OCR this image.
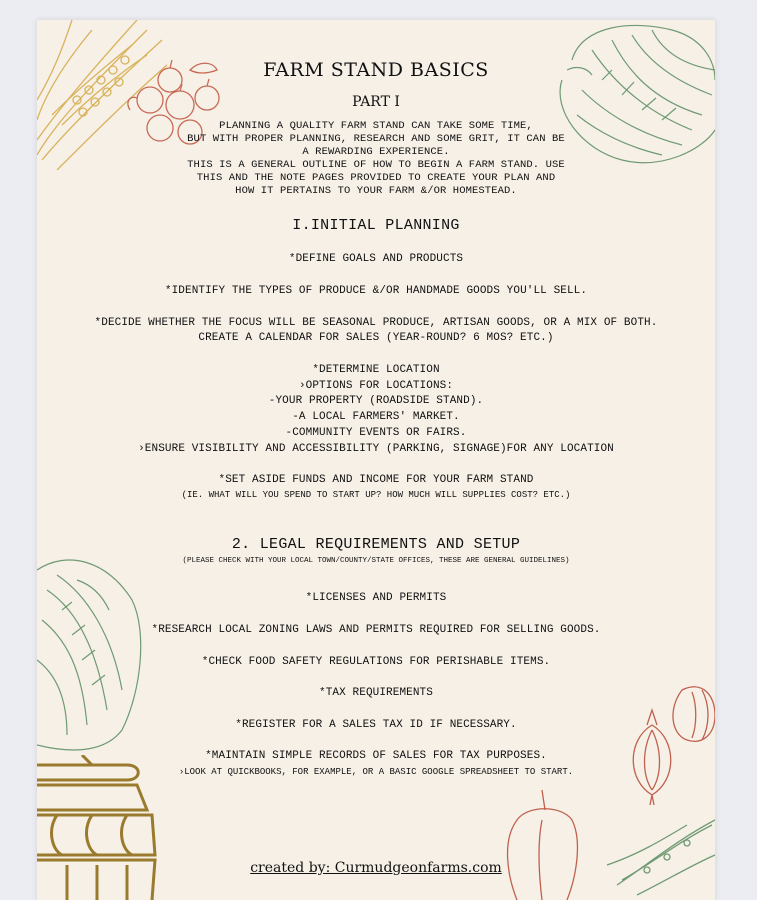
FARM STAND BASICS
PART I
PLANNING A QUALITY FARM STAND CAN TAKE SOME TIME,
BUT WITH PROPER PLANNING, RESEARCH AND SOME GRIT, IT CAN BE
A REWARDING EXPERIENCE.
THIS IS A GENERAL OUTLINE OF HOW TO BEGIN A FARM STAND. USE
THIS AND THE NOTE PAGES PROVIDED TO CREATE YOUR PLAN AND
HOW IT PERTAINS TO YOUR FARM &/OR HOMESTEAD.
I.INITIAL PLANNING
*DEFINE GOALS AND PRODUCTS
*IDENTIFY THE TYPES OF PRODUCE &/OR HANDMADE GOODS YOU'LL SELL.
*DECIDE WHETHER THE FOCUS WILL BE SEASONAL PRODUCE, ARTISAN GOODS, OR A MIX OF BOTH.
CREATE A CALENDAR FOR SALES (YEAR-ROUND? 6 MOS? ETC.)
*DETERMINE LOCATION
›OPTIONS FOR LOCATIONS:
-YOUR PROPERTY (ROADSIDE STAND).
-A LOCAL FARMERS' MARKET.
-COMMUNITY EVENTS OR FAIRS.
›ENSURE VISIBILITY AND ACCESSIBILITY (PARKING, SIGNAGE)FOR ANY LOCATION
*SET ASIDE FUNDS AND INCOME FOR YOUR FARM STAND
(IE. WHAT WILL YOU SPEND TO START UP? HOW MUCH WILL SUPPLIES COST? ETC.)
2. LEGAL REQUIREMENTS AND SETUP
(PLEASE CHECK WITH YOUR LOCAL TOWN/COUNTY/STATE OFFICES, THESE ARE GENERAL GUIDELINES)
*LICENSES AND PERMITS
*RESEARCH LOCAL ZONING LAWS AND PERMITS REQUIRED FOR SELLING GOODS.
*CHECK FOOD SAFETY REGULATIONS FOR PERISHABLE ITEMS.
*TAX REQUIREMENTS
*REGISTER FOR A SALES TAX ID IF NECESSARY.
*MAINTAIN SIMPLE RECORDS OF SALES FOR TAX PURPOSES.
›LOOK AT QUICKBOOKS, FOR EXAMPLE, OR A BASIC GOOGLE SPREADSHEET TO START.
created by: Curmudgeonfarms.com
